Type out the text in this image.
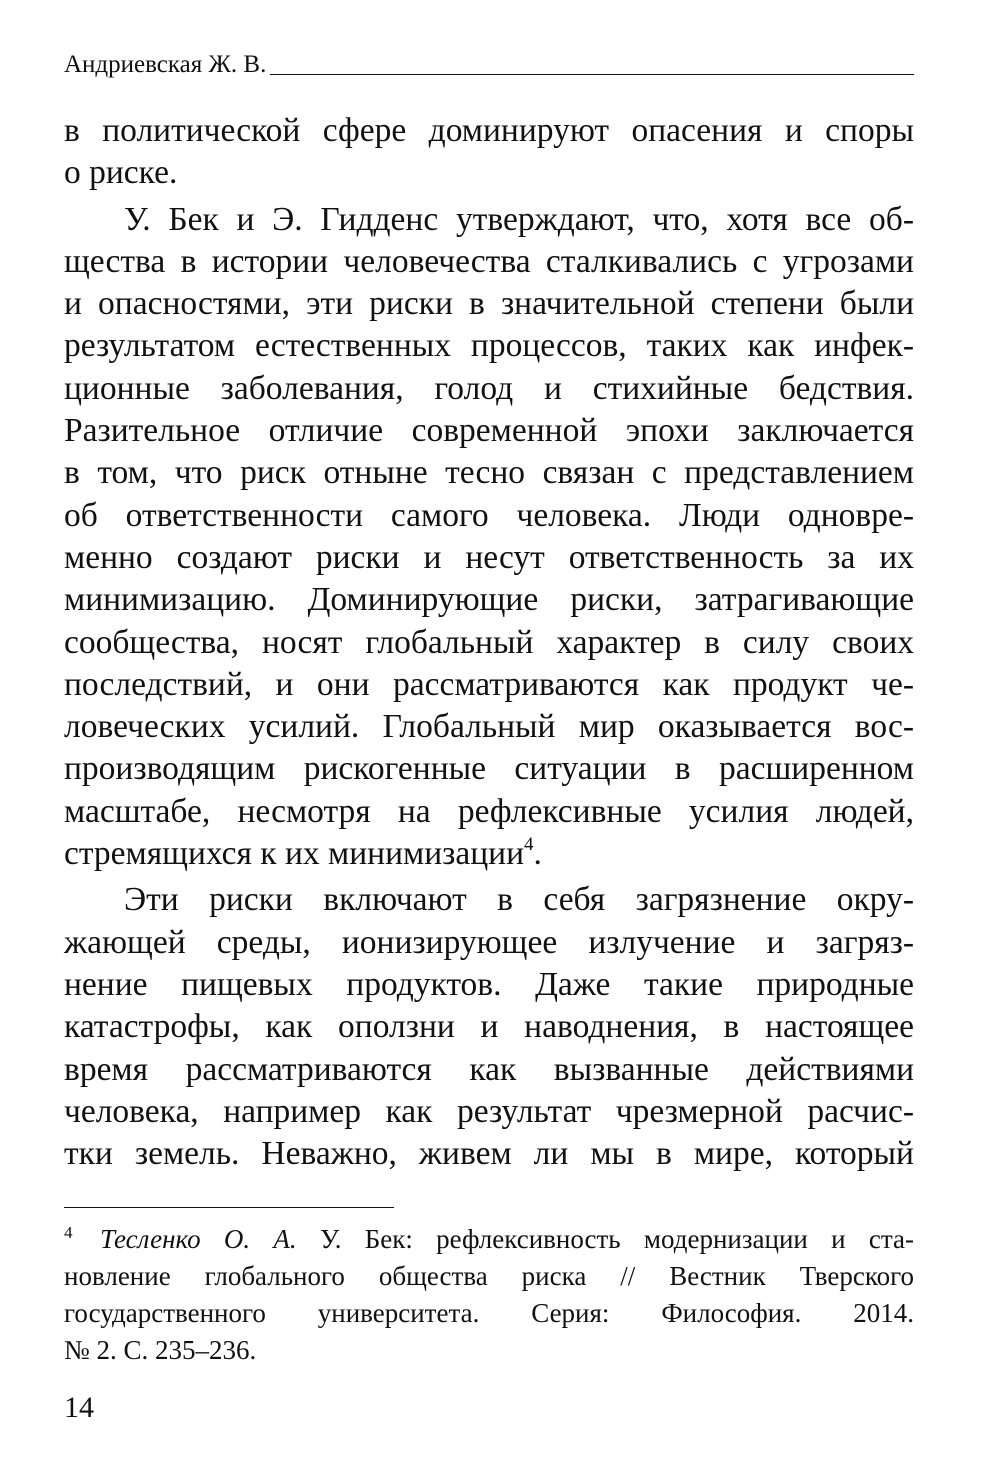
Андриевская Ж. В.

в политической сфере доминируют опасения и споры
о риске.

У. Бек и Э. Гидденс утверждают, что, хотя все об-
щества в истории человечества сталкивались с угрозами
и опасностями, эти риски в значительной степени были
результатом естественных процессов, таких как инфек-
ционные заболевания, голод и стихийные бедствия.
Разительное отличие современной эпохи заключается
в том, что риск отныне тесно связан с представлением
об ответственности самого человека. Люди одновре-
менно создают риски и несут ответственность за их
минимизацию. Доминирующие риски, затрагивающие
сообщества, носят глобальный характер в силу своих
последствий, и они рассматриваются как продукт че-
ловеческих усилий. Глобальный мир оказывается вос-
производящим рискогенные ситуации в расширенном
масштабе, несмотря на рефлексивные усилия людей,
стремящихся к их минимизации$^4$.

Эти риски включают в себя загрязнение окру-
жающей среды, ионизирующее излучение и загряз-
нение пищевых продуктов. Даже такие природные
катастрофы, как оползни и наводнения, в настоящее
время рассматриваются как вызванные действиями
человека, например как результат чрезмерной расчис-
тки земель. Неважно, живем ли мы в мире, который

4 Тесленко О. А. У. Бек: рефлексивность модернизации и ста-
новление глобального общества риска // Вестник Тверского
государственного университета. Серия: Философия. 2014.
№ 2. С. 235–236.
14
